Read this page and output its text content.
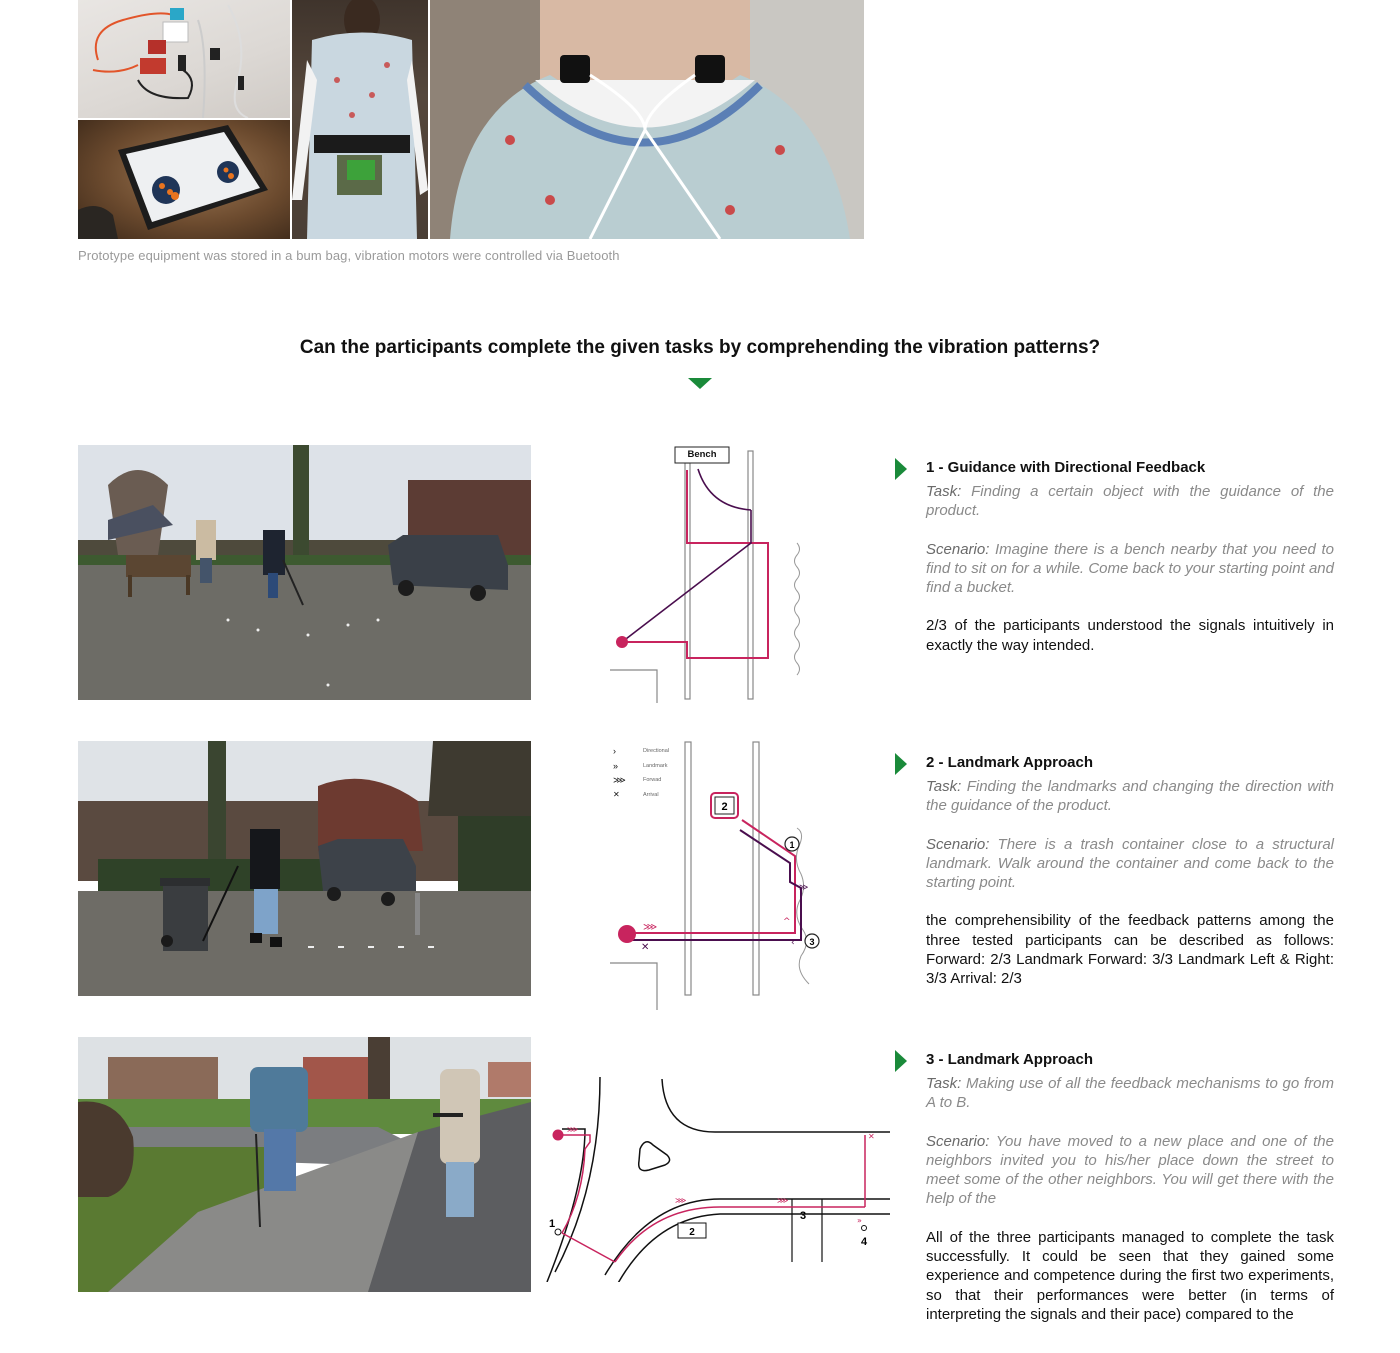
Prototype equipment was stored in a bum bag, vibration motors were controlled via Buetooth
Can the participants complete the given tasks by comprehending the vibration patterns?
Bench
1 - Guidance with Directional Feedback

Task: Finding a certain object with the guidance of the product.

Scenario: Imagine there is a bench nearby that you need to find to sit on for a while. Come back to your starting point and find a bucket.

2/3 of the participants understood the signals intuitively in exactly the way intended.

2
1
3
⋙
✕
^
‹
≫
›	Directional
»	Landmark
⋙	Forwad
✕	Arrival
2 - Landmark Approach

Task: Finding the landmarks and changing the direction with the guidance of the product.

Scenario: There is a trash container close to a structural landmark. Walk around the container and come back to the starting point.

the comprehensibility of the feedback patterns among the three tested participants can be described as follows: Forward: 2/3 Landmark Forward: 3/3 Landmark Left & Right: 3/3 Arrival: 2/3

2
3
4
1
⋙
⋙	⋙
»
✕
3 - Landmark Approach

Task: Making use of all the feedback mechanisms to go from A to B.

Scenario: You have moved to a new place and one of the neighbors invited you to his/her place down the street to meet some of the other neighbors. You will get there with the help of the

All of the three participants managed to complete the task successfully. It could be seen that they gained some experience and competence during the first two experiments, so that their performances were better (in terms of interpreting the signals and their pace) compared to the
